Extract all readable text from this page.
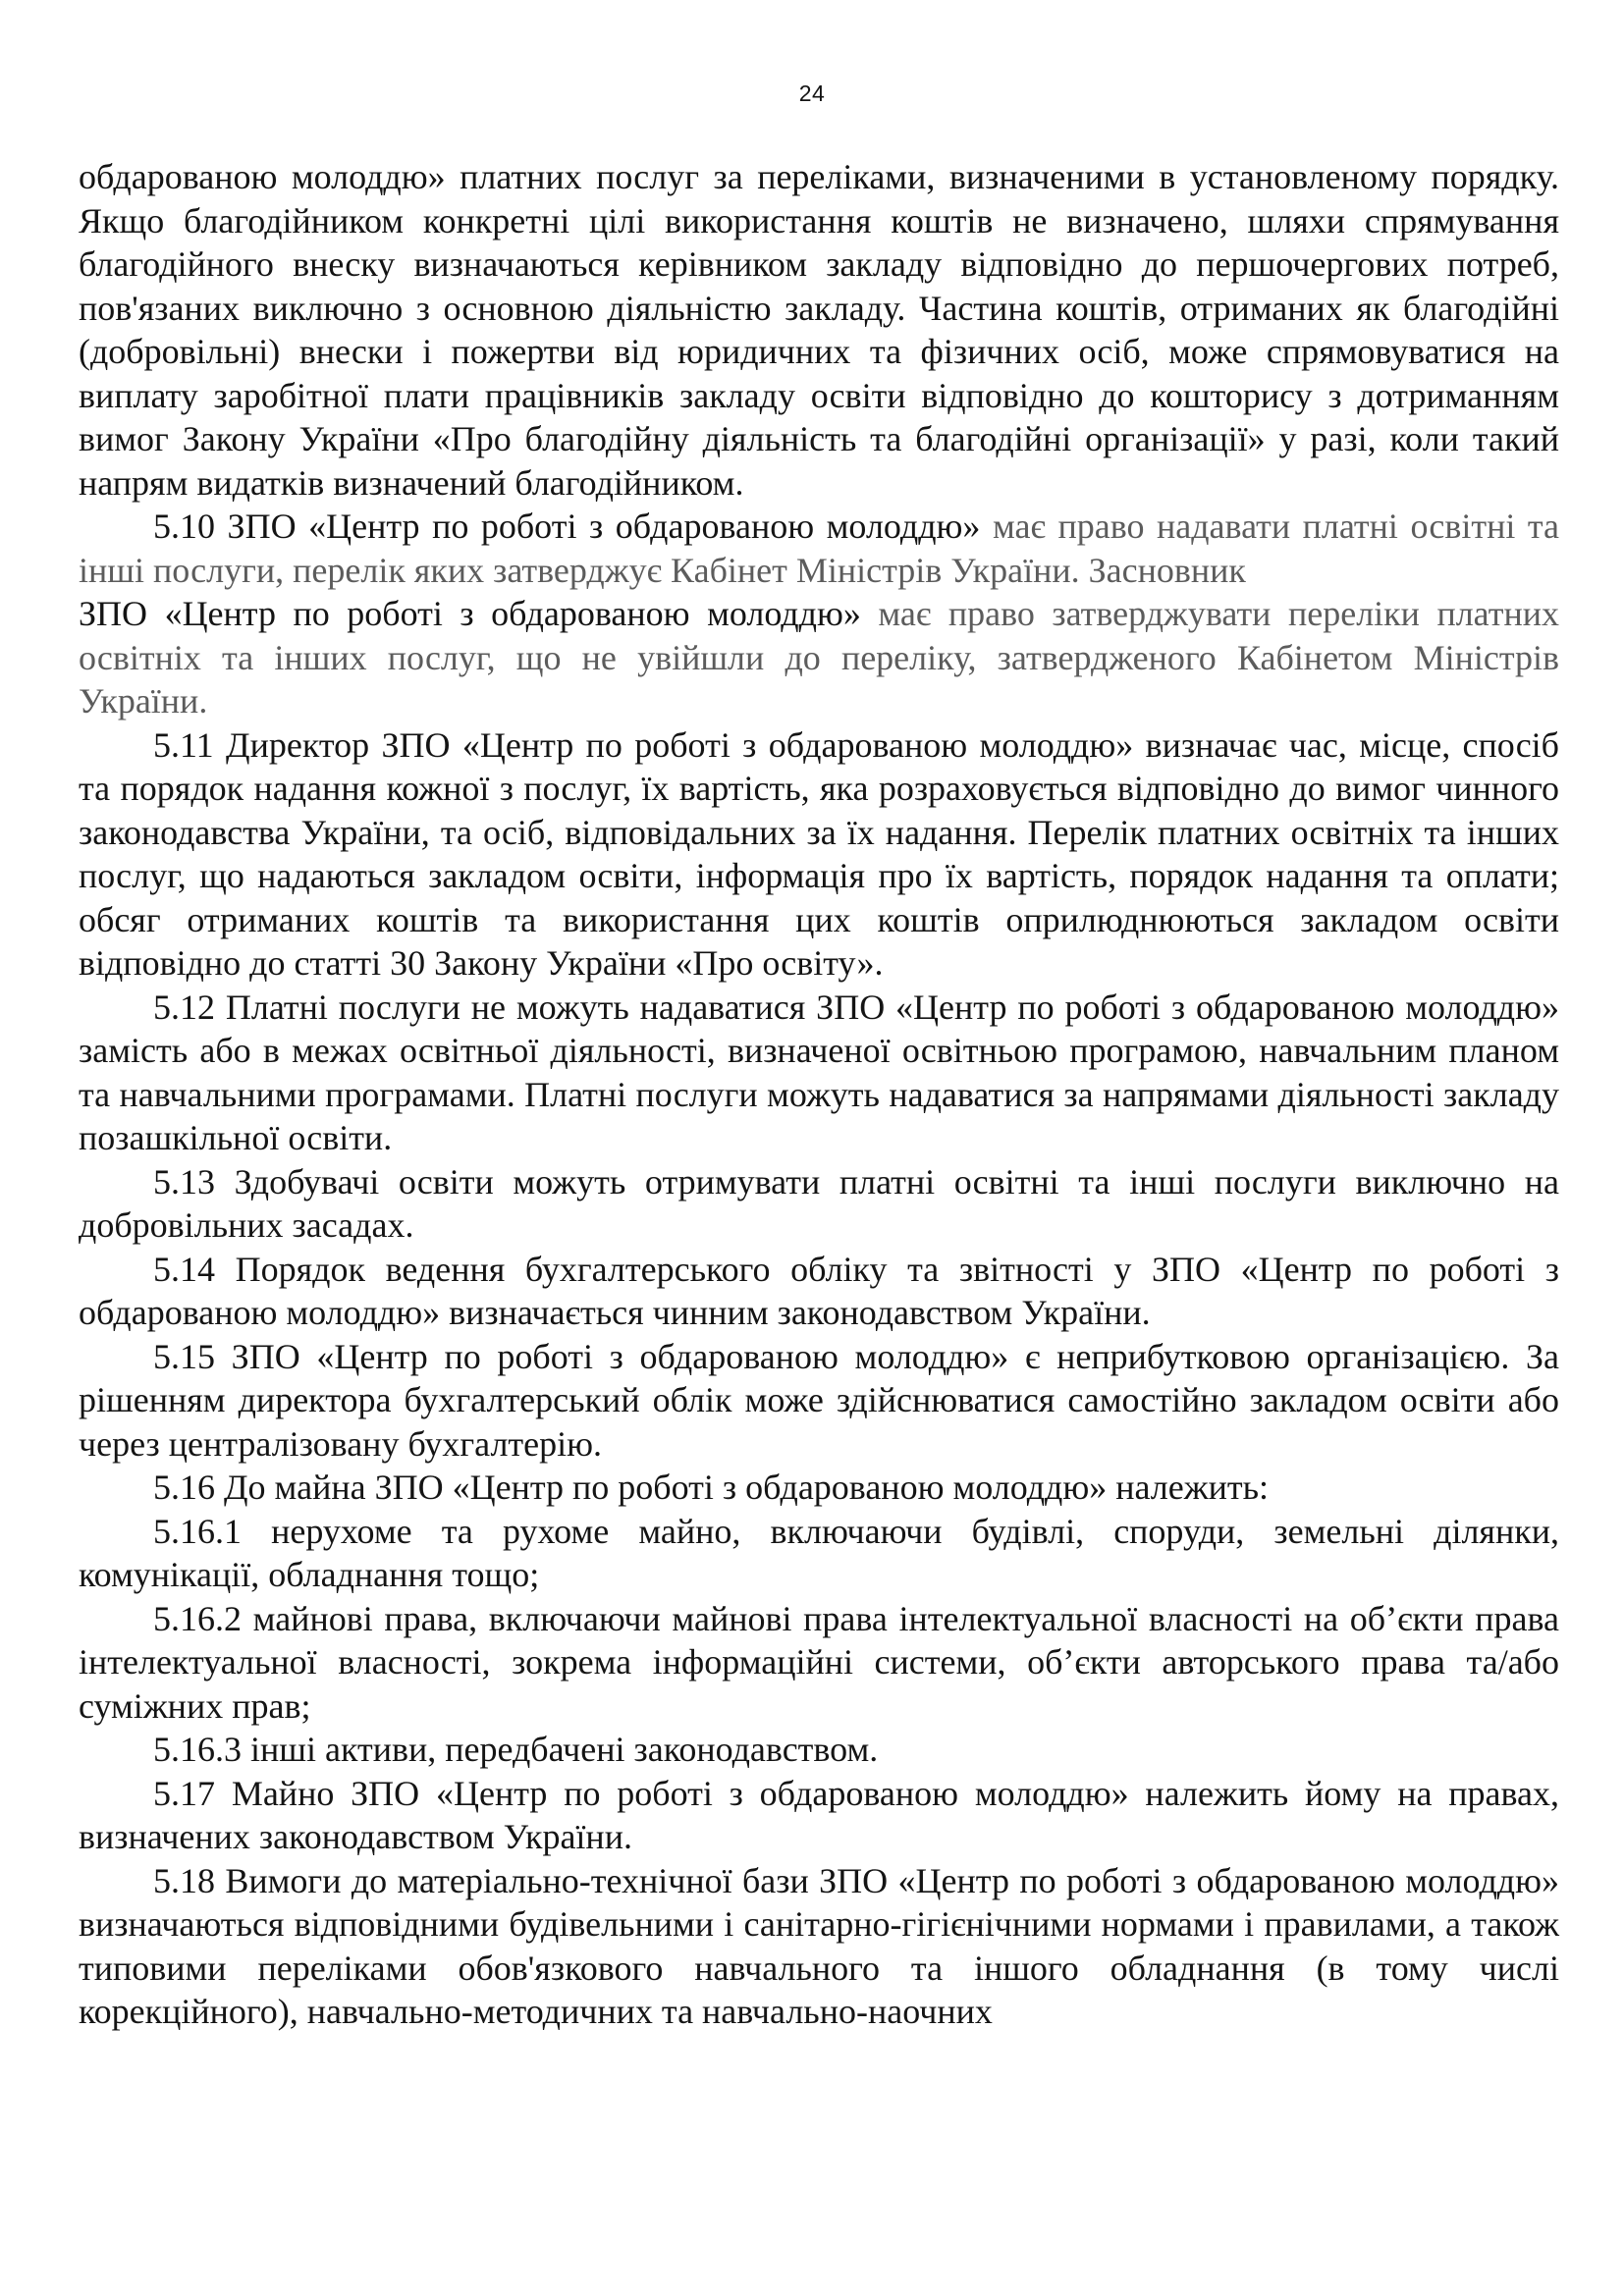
24

обдарованою молоддю» платних послуг за переліками, визначеними в установленому порядку. Якщо благодійником конкретні цілі використання коштів не визначено, шляхи спрямування благодійного внеску визначаються керівником закладу відповідно до першочергових потреб, пов'язаних виключно з основною діяльністю закладу. Частина коштів, отриманих як благодійні (добровільні) внески і пожертви від юридичних та фізичних осіб, може спрямовуватися на виплату заробітної плати працівників закладу освіти відповідно до кошторису з дотриманням вимог Закону України «Про благодійну діяльність та благодійні організації» у разі, коли такий напрям видатків визначений благодійником.

5.10 ЗПО «Центр по роботі з обдарованою молоддю» має право надавати платні освітні та інші послуги, перелік яких затверджує Кабінет Міністрів України. Засновник
ЗПО «Центр по роботі з обдарованою молоддю» має право затверджувати переліки платних освітніх та інших послуг, що не увійшли до переліку, затвердженого Кабінетом Міністрів України.

5.11 Директор ЗПО «Центр по роботі з обдарованою молоддю» визначає час, місце, спосіб та порядок надання кожної з послуг, їх вартість, яка розраховується відповідно до вимог чинного законодавства України, та осіб, відповідальних за їх надання. Перелік платних освітніх та інших послуг, що надаються закладом освіти, інформація про їх вартість, порядок надання та оплати; обсяг отриманих коштів та використання цих коштів оприлюднюються закладом освіти відповідно до статті 30 Закону України «Про освіту».

5.12 Платні послуги не можуть надаватися ЗПО «Центр по роботі з обдарованою молоддю» замість або в межах освітньої діяльності, визначеної освітньою програмою, навчальним планом та навчальними програмами. Платні послуги можуть надаватися за напрямами діяльності закладу позашкільної освіти.

5.13 Здобувачі освіти можуть отримувати платні освітні та інші послуги виключно на добровільних засадах.

5.14 Порядок ведення бухгалтерського обліку та звітності у ЗПО «Центр по роботі з обдарованою молоддю» визначається чинним законодавством України.

5.15 ЗПО «Центр по роботі з обдарованою молоддю» є неприбутковою організацією. За рішенням директора бухгалтерський облік може здійснюватися самостійно закладом освіти або через централізовану бухгалтерію.

5.16 До майна ЗПО «Центр по роботі з обдарованою молоддю» належить:

5.16.1 нерухоме та рухоме майно, включаючи будівлі, споруди, земельні ділянки, комунікації, обладнання тощо;

5.16.2 майнові права, включаючи майнові права інтелектуальної власності на об’єкти права інтелектуальної власності, зокрема інформаційні системи, об’єкти авторського права та/або суміжних прав;

5.16.3 інші активи, передбачені законодавством.

5.17 Майно ЗПО «Центр по роботі з обдарованою молоддю» належить йому на правах, визначених законодавством України.

5.18 Вимоги до матеріально-технічної бази ЗПО «Центр по роботі з обдарованою молоддю» визначаються відповідними будівельними і санітарно-гігієнічними нормами і правилами, а також типовими переліками обов'язкового навчального та іншого обладнання (в тому числі корекційного), навчально-методичних та навчально-наочних
